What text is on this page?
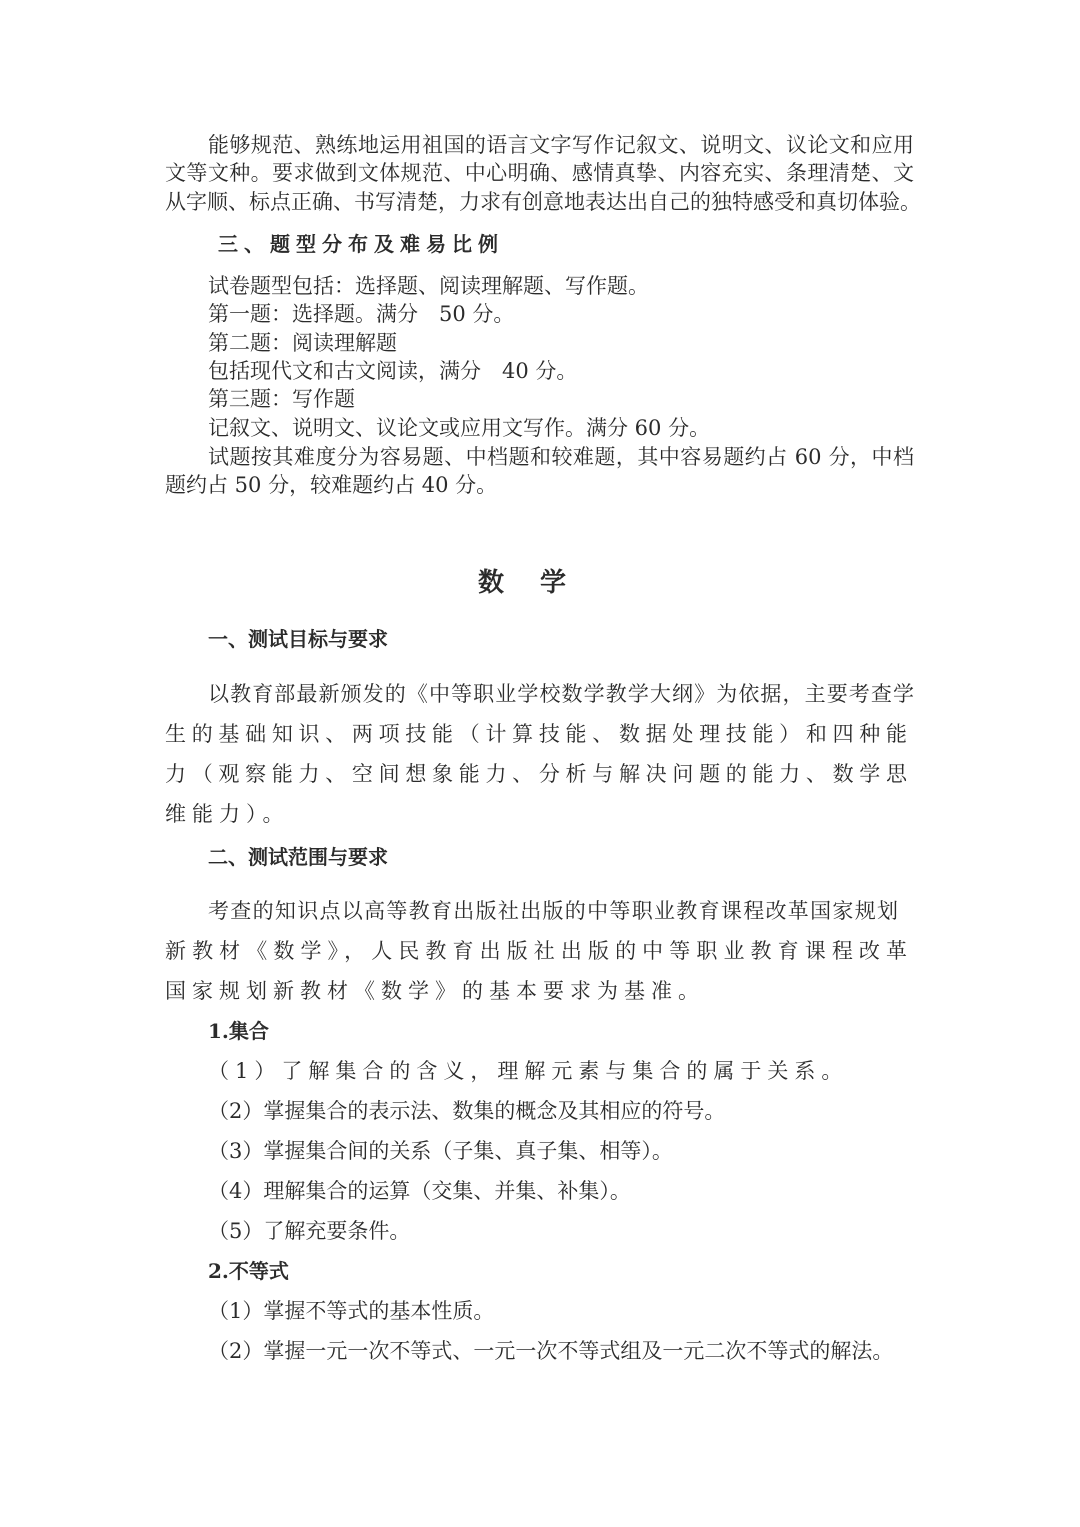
能够规范、熟练地运用祖国的语言文字写作记叙文、说明文、议论文和应用
文等文种。要求做到文体规范、中心明确、感情真挚、内容充实、条理清楚、文
从字顺、标点正确、书写清楚，力求有创意地表达出自己的独特感受和真切体验。
三、题型分布及难易比例
试卷题型包括：选择题、阅读理解题、写作题。
第一题：选择题。满分　50 分。
第二题：阅读理解题
包括现代文和古文阅读，满分　40 分。
第三题：写作题
记叙文、说明文、议论文或应用文写作。满分 60 分。
试题按其难度分为容易题、中档题和较难题，其中容易题约占 60 分，中档
题约占 50 分，较难题约占 40 分。
数学
一、测试目标与要求
以教育部最新颁发的《中等职业学校数学教学大纲》为依据，主要考查学
生的基础知识、两项技能（计算技能、数据处理技能）和四种能
力（观察能力、空间想象能力、分析与解决问题的能力、数学思
维能力）。
二、测试范围与要求
考查的知识点以高等教育出版社出版的中等职业教育课程改革国家规划
新教材《数学》，人民教育出版社出版的中等职业教育课程改革
国家规划新教材《数学》的基本要求为基准。
1.集合
（1）了解集合的含义，理解元素与集合的属于关系。
（2）掌握集合的表示法、数集的概念及其相应的符号。
（3）掌握集合间的关系（子集、真子集、相等）。
（4）理解集合的运算（交集、并集、补集）。
（5）了解充要条件。
2.不等式
（1）掌握不等式的基本性质。
（2）掌握一元一次不等式、一元一次不等式组及一元二次不等式的解法。
